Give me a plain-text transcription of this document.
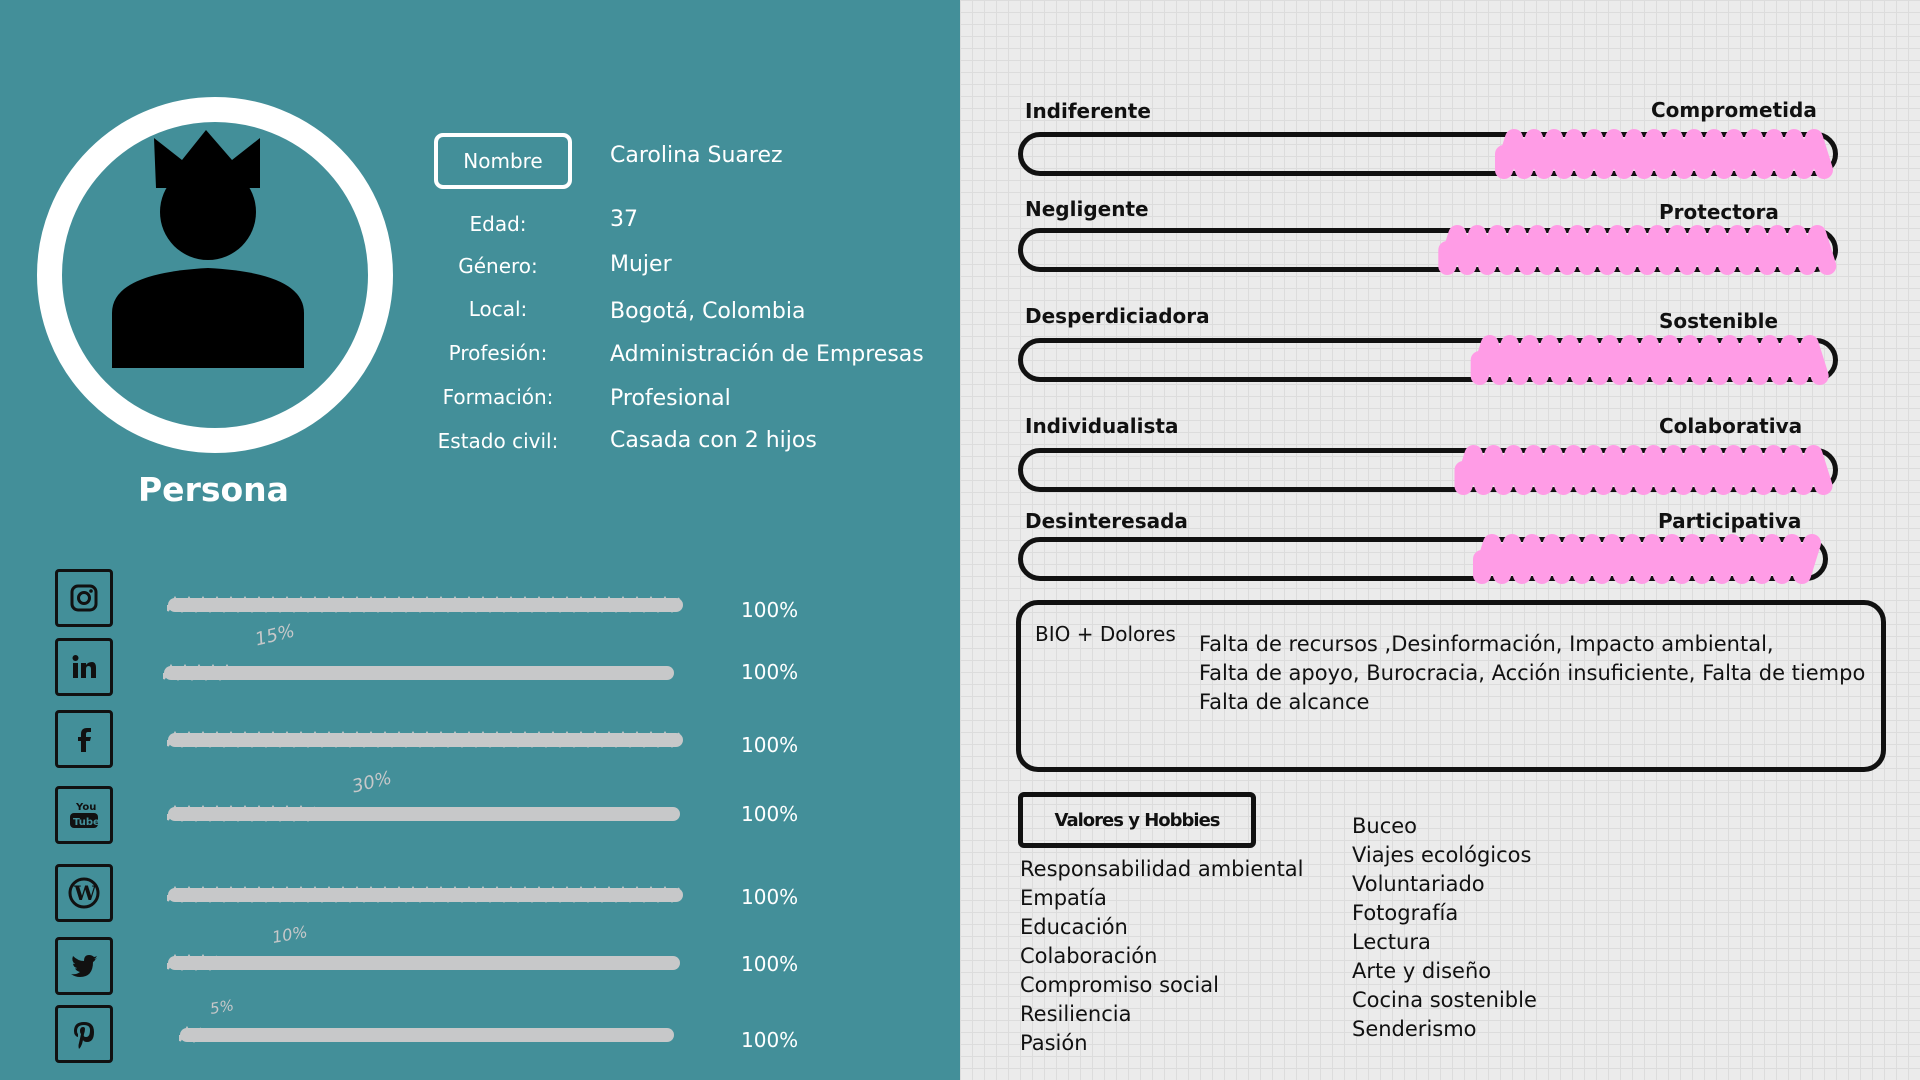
Nombre	Carolina Suarez
Edad:	37
Género:	Mujer
Local:	Bogotá, Colombia
Profesión:	Administración de Empresas
Formación:	Profesional
Estado civil:	Casada con 2 hijos
Persona
You
Tube
W
15%
30%
10%
5%
100%
100%
100%
100%
100%
100%
100%
Indiferente	Comprometida
Negligente	Protectora
Desperdiciadora	Sostenible
Individualista	Colaborativa
Desinteresada	Participativa
BIO + Dolores Falta de recursos ,Desinformación, Impacto ambiental,
Falta de apoyo, Burocracia, Acción insuficiente, Falta de tiempo
Falta de alcance
Valores y Hobbies
Responsabilidad ambiental
Empatía
Educación
Colaboración
Compromiso social
Resiliencia
Pasión
Buceo
Viajes ecológicos
Voluntariado
Fotografía
Lectura
Arte y diseño
Cocina sostenible
Senderismo
